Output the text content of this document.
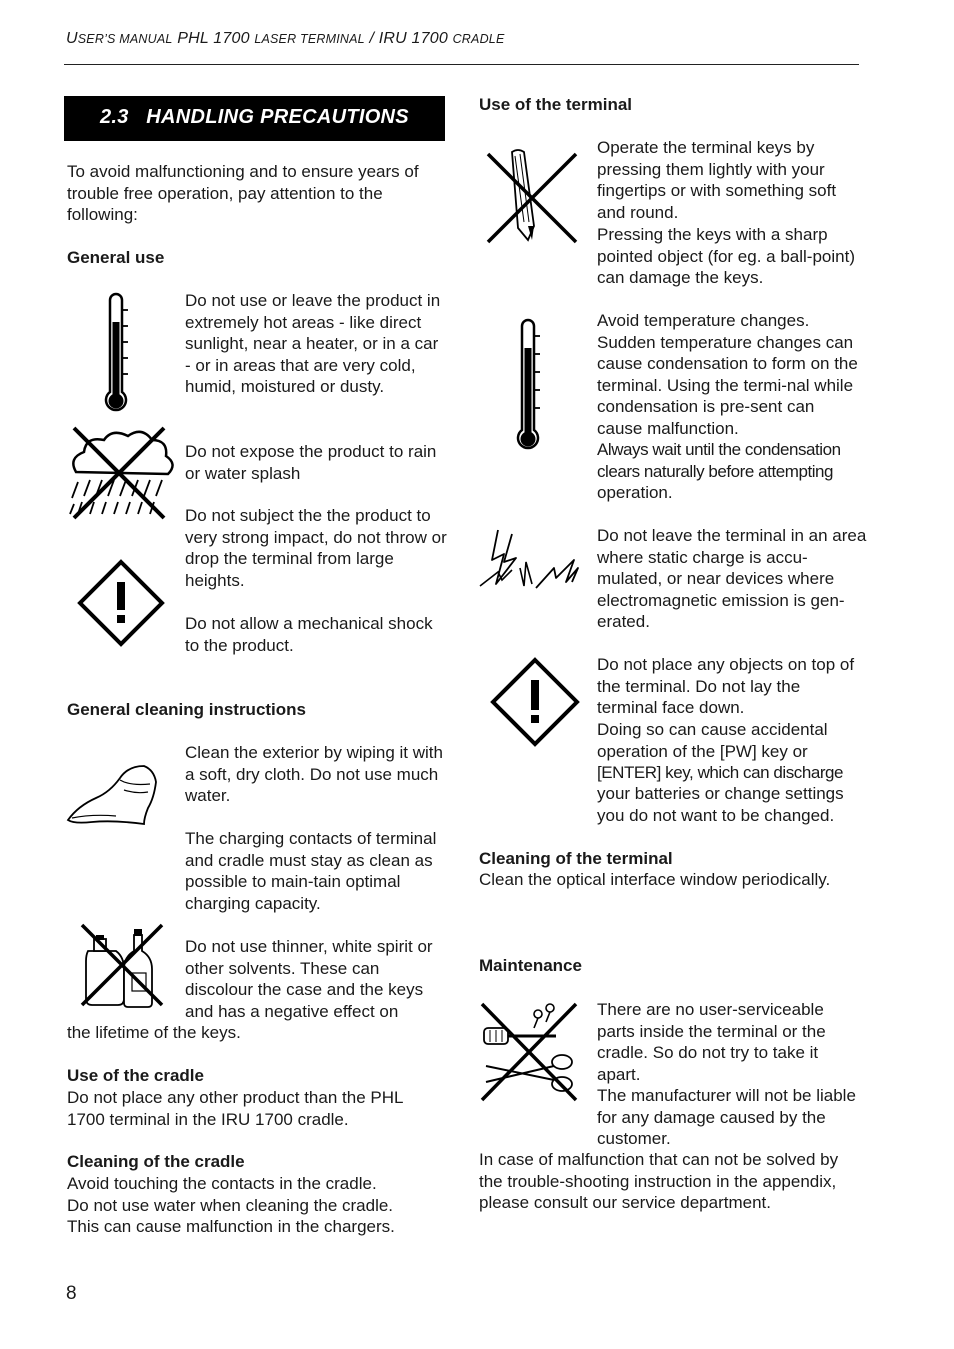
USER’S MANUAL PHL 1700 LASER TERMINAL / IRU 1700 CRADLE
2.3   HANDLING PRECAUTIONS

To avoid malfunctioning and to ensure years of trouble free operation, pay attention to the following:

General use

Do not use or leave the product in extremely hot areas - like direct sunlight, near a heater, or in a car - or in areas that are very cold, humid, moistured or dusty.

Do not expose the product to rain or water splash

Do not subject the the product to very strong impact, do not throw or drop the terminal from large heights.

Do not allow a mechanical shock to the product.

General cleaning instructions

Clean the exterior by wiping it with a soft, dry cloth. Do not use much water.

The charging contacts of terminal and cradle must stay as clean as possible to main-tain optimal charging capacity.

Do not use thinner, white spirit or other solvents. These can discolour the case and the keys and has a negative effect on

the lifetime of the keys.

Use of the cradle

Do not place any other product than the PHL 1700 terminal in the IRU 1700 cradle.

Cleaning of the cradle

Avoid touching the contacts in the cradle.

Do not use water when cleaning the cradle.

This can cause malfunction in the chargers.

Use of the terminal

Operate the terminal keys by pressing them lightly with your fingertips or with something soft and round.

Pressing the keys with a sharp pointed object (for eg. a ball-point) can damage the keys.

Avoid temperature changes. Sudden temperature changes can cause condensation to form on the terminal. Using the termi-nal while condensation is pre-sent can cause malfunction.

Always wait until the condensation clears naturally before attempting

operation.

Do not leave the terminal in an area where static charge is accu-mulated, or near devices where electromagnetic emission is gen-erated.

Do not place any objects on top of the terminal. Do not lay the terminal face down.

Doing so can cause accidental operation of the [PW] key or

[ENTER] key, which can discharge

your batteries or change settings you do not want to be changed.

Cleaning of the terminal

Clean the optical interface window periodically.

Maintenance

There are no user-serviceable parts inside the terminal or the cradle. So do not try to take it apart.

The manufacturer will not be liable for any damage caused by the customer.

In case of malfunction that can not be solved by the trouble-shooting instruction in the appendix, please consult our service department.

8
